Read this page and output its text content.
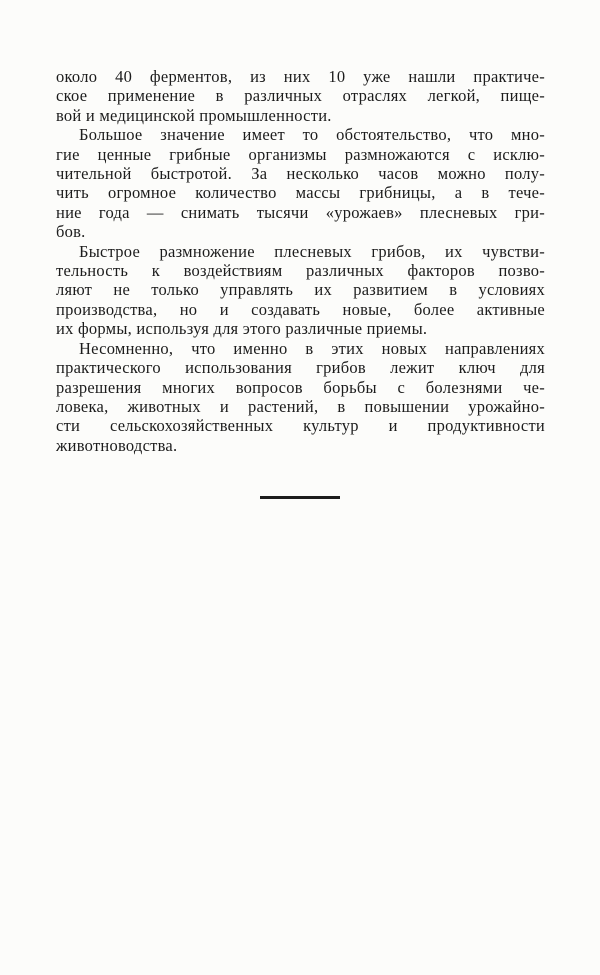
около 40 ферментов, из них 10 уже нашли практиче-
ское применение в различных отраслях легкой, пище-
вой и медицинской промышленности.

Большое значение имеет то обстоятельство, что мно-
гие ценные грибные организмы размножаются с исклю-
чительной быстротой. За несколько часов можно полу-
чить огромное количество массы грибницы, а в тече-
ние года — снимать тысячи «урожаев» плесневых гри-
бов.

Быстрое размножение плесневых грибов, их чувстви-
тельность к воздействиям различных факторов позво-
ляют не только управлять их развитием в условиях
производства, но и создавать новые, более активные
их формы, используя для этого различные приемы.

Несомненно, что именно в этих новых направлениях
практического использования грибов лежит ключ для
разрешения многих вопросов борьбы с болезнями че-
ловека, животных и растений, в повышении урожайно-
сти сельскохозяйственных культур и продуктивности
животноводства.
